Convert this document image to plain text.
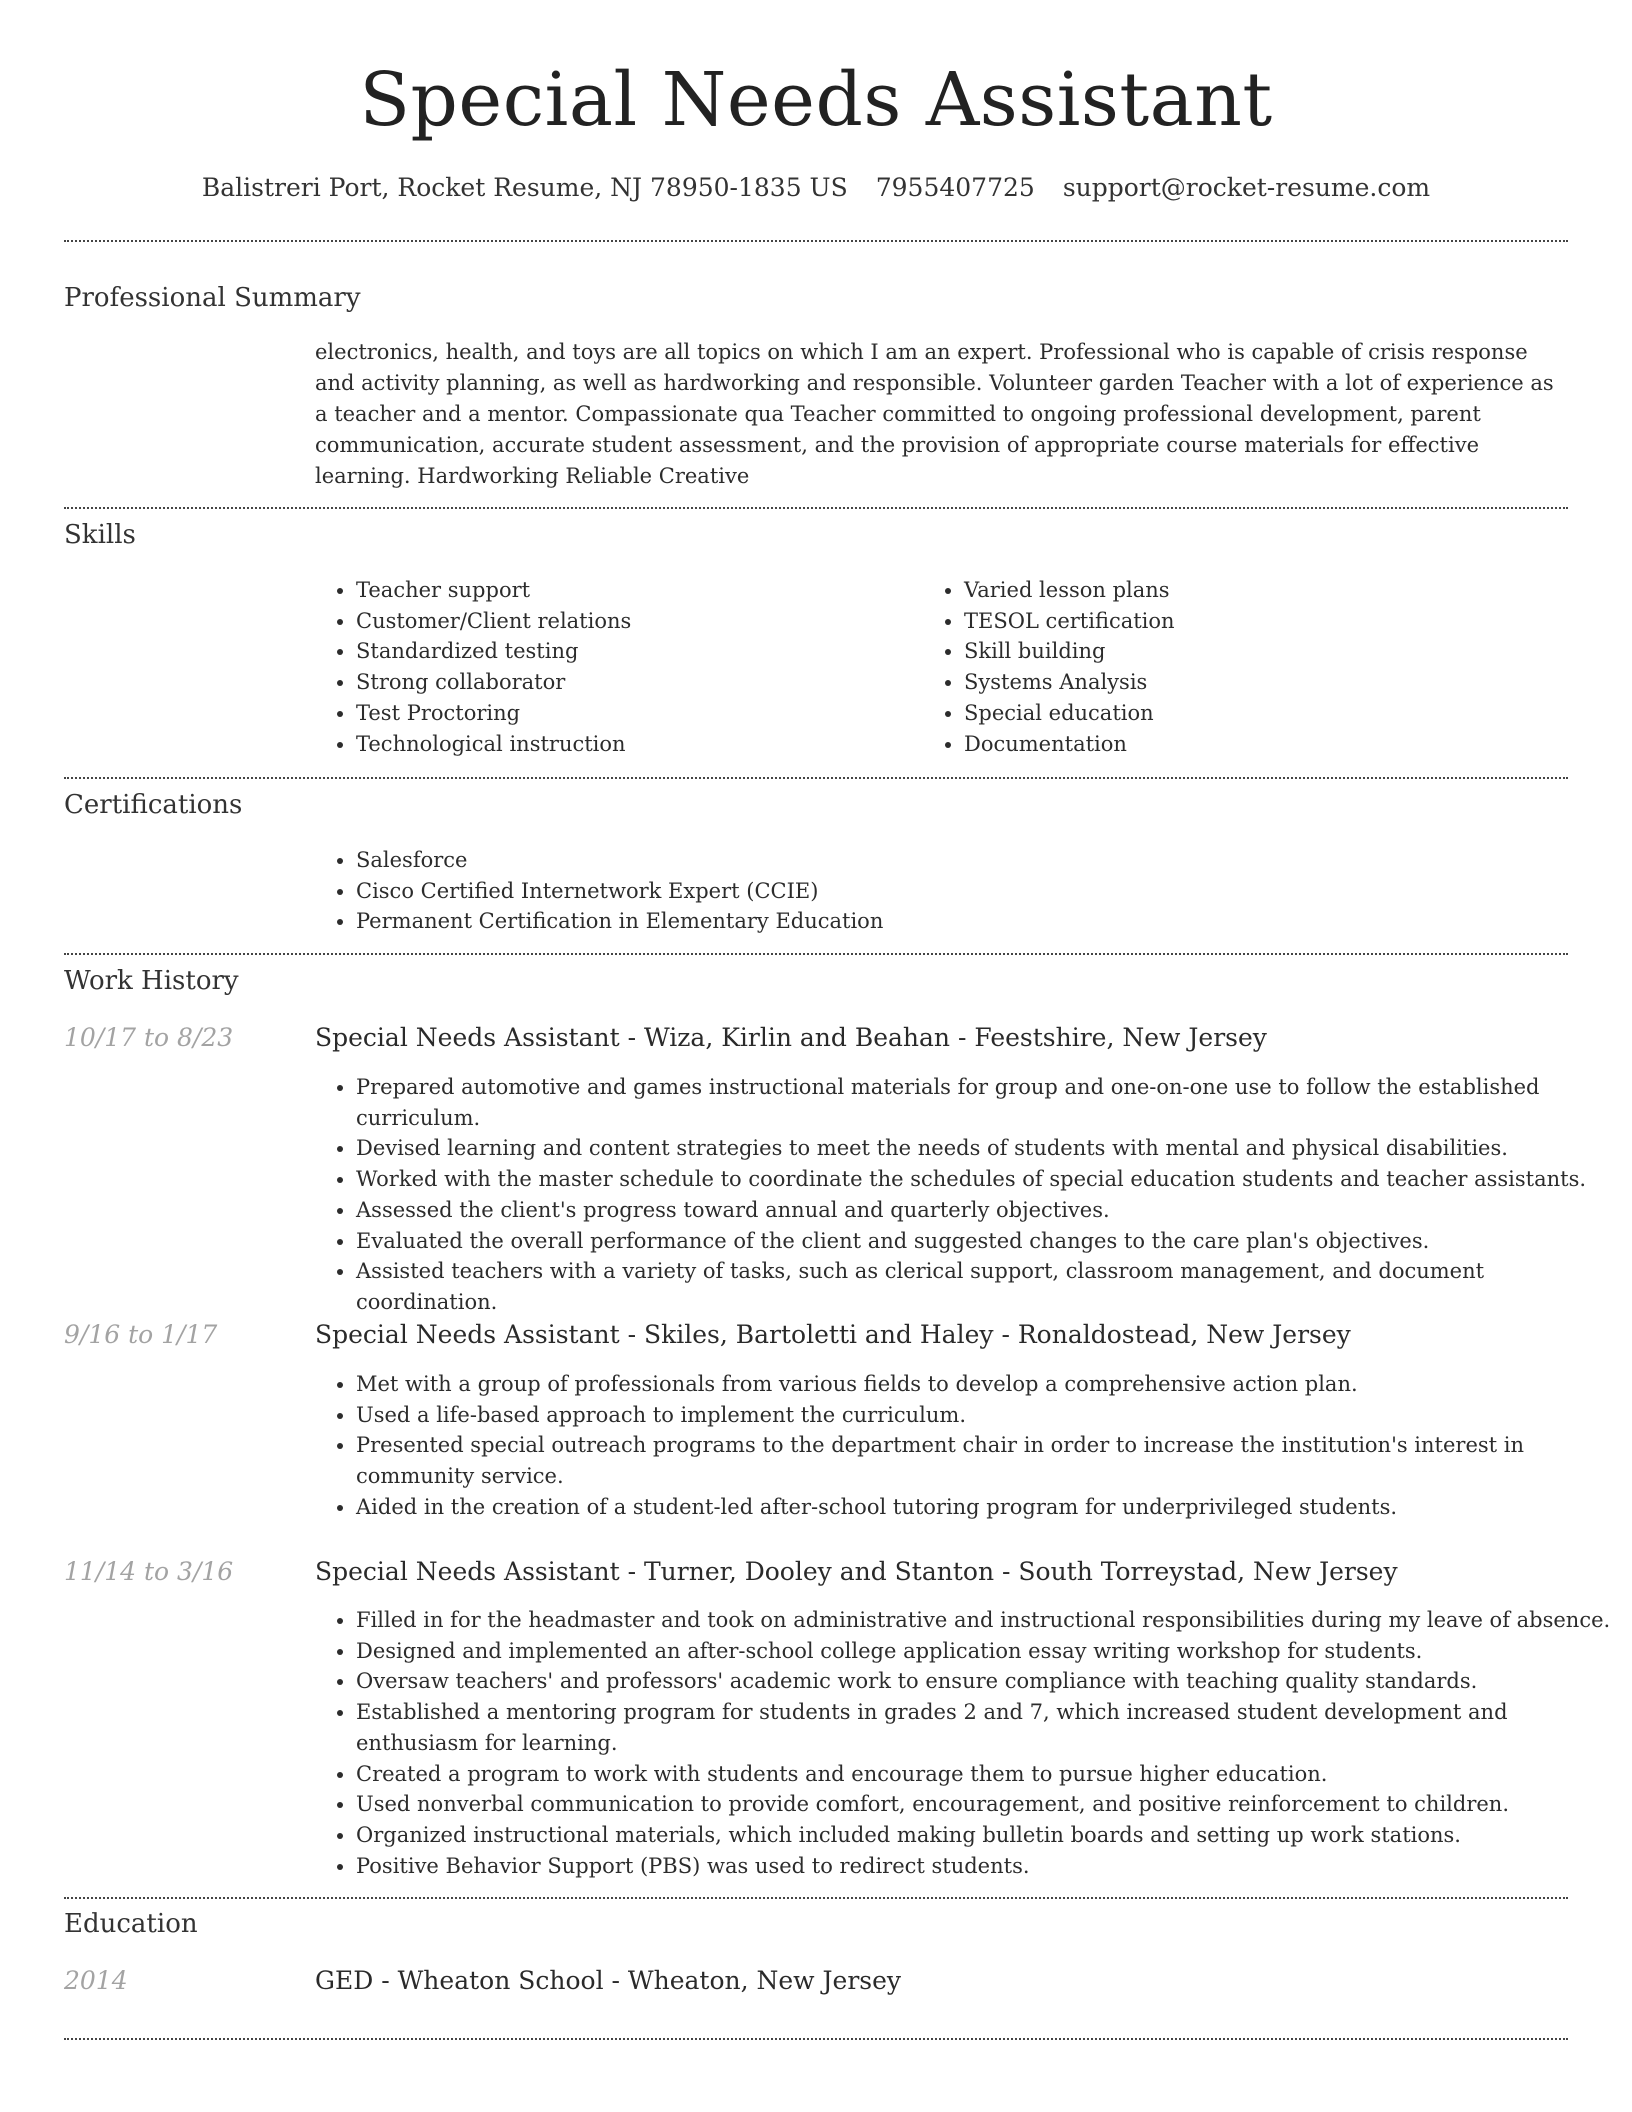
Special Needs Assistant
Balistreri Port, Rocket Resume, NJ 78950-1835 US 7955407725 support@rocket-resume.com
Professional Summary

electronics, health, and toys are all topics on which I am an expert. Professional who is capable of crisis response and activity planning, as well as hardworking and responsible. Volunteer garden Teacher with a lot of experience as a teacher and a mentor. Compassionate qua Teacher committed to ongoing professional development, parent communication, accurate student assessment, and the provision of appropriate course materials for effective learning. Hardworking Reliable Creative

Skills
• Teacher support
• Customer/Client relations
• Standardized testing
• Strong collaborator
• Test Proctoring
• Technological instruction
• Varied lesson plans
• TESOL certification
• Skill building
• Systems Analysis
• Special education
• Documentation
Certifications
• Salesforce
• Cisco Certified Internetwork Expert (CCIE)
• Permanent Certification in Elementary Education
Work History
10/17 to 8/23	Special Needs Assistant - Wiza, Kirlin and Beahan - Feestshire, New Jersey
• Prepared automotive and games instructional materials for group and one-on-one use to follow the established curriculum.
• Devised learning and content strategies to meet the needs of students with mental and physical disabilities.
• Worked with the master schedule to coordinate the schedules of special education students and teacher assistants.
• Assessed the client's progress toward annual and quarterly objectives.
• Evaluated the overall performance of the client and suggested changes to the care plan's objectives.
• Assisted teachers with a variety of tasks, such as clerical support, classroom management, and document coordination.
9/16 to 1/17	Special Needs Assistant - Skiles, Bartoletti and Haley - Ronaldostead, New Jersey
• Met with a group of professionals from various fields to develop a comprehensive action plan.
• Used a life-based approach to implement the curriculum.
• Presented special outreach programs to the department chair in order to increase the institution's interest in community service.
• Aided in the creation of a student-led after-school tutoring program for underprivileged students.
11/14 to 3/16	Special Needs Assistant - Turner, Dooley and Stanton - South Torreystad, New Jersey
• Filled in for the headmaster and took on administrative and instructional responsibilities during my leave of absence.
• Designed and implemented an after-school college application essay writing workshop for students.
• Oversaw teachers' and professors' academic work to ensure compliance with teaching quality standards.
• Established a mentoring program for students in grades 2 and 7, which increased student development and enthusiasm for learning.
• Created a program to work with students and encourage them to pursue higher education.
• Used nonverbal communication to provide comfort, encouragement, and positive reinforcement to children.
• Organized instructional materials, which included making bulletin boards and setting up work stations.
• Positive Behavior Support (PBS) was used to redirect students.
Education
2014	GED - Wheaton School - Wheaton, New Jersey
